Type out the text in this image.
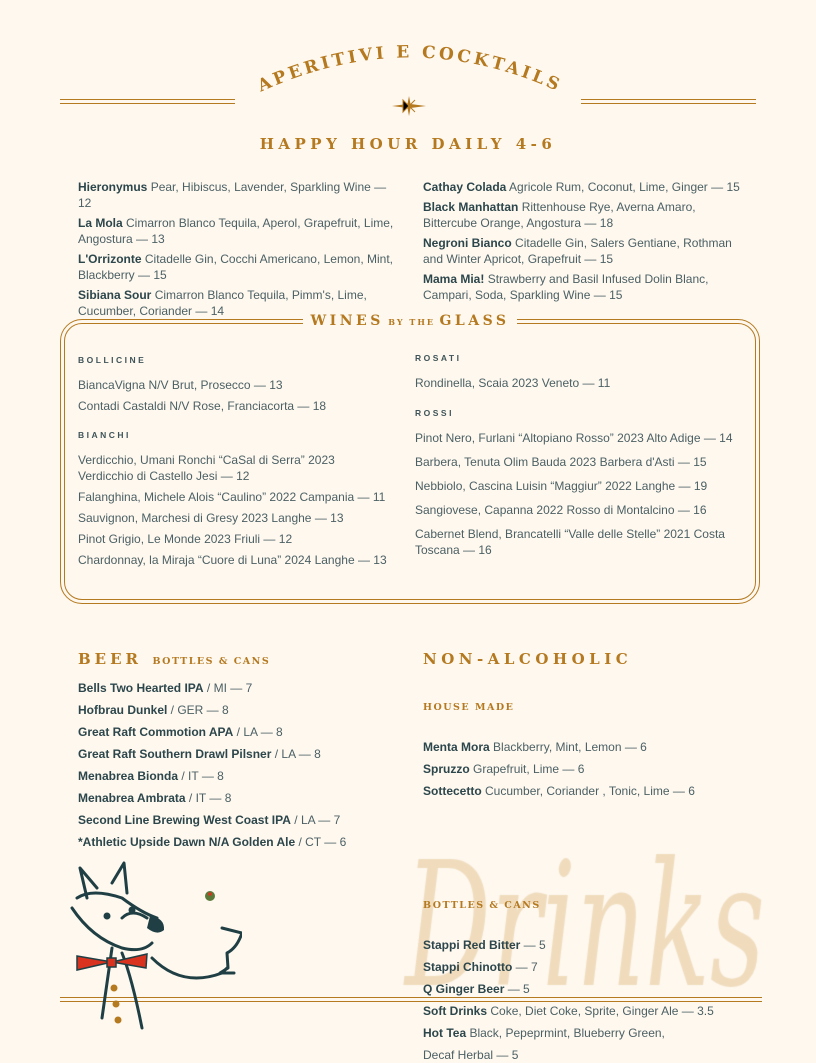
APERITIVI E COCKTAILS
HAPPY HOUR DAILY 4-6
Hieronymus Pear, Hibiscus, Lavender, Sparkling Wine — 12
La Mola Cimarron Blanco Tequila, Aperol, Grapefruit, Lime, Angostura — 13
L'Orrizonte Citadelle Gin, Cocchi Americano, Lemon, Mint, Blackberry — 15
Sibiana Sour Cimarron Blanco Tequila, Pimm's, Lime, Cucumber, Coriander — 14
Cathay Colada Agricole Rum, Coconut, Lime, Ginger — 15
Black Manhattan Rittenhouse Rye, Averna Amaro, Bittercube Orange, Angostura — 18
Negroni Bianco Citadelle Gin, Salers Gentiane, Rothman and Winter Apricot, Grapefruit — 15
Mama Mia! Strawberry and Basil Infused Dolin Blanc, Campari, Soda, Sparkling Wine — 15
WINES BY THE GLASS
BOLLICINE
BiancaVigna N/V Brut, Prosecco — 13
Contadi Castaldi N/V Rose, Franciacorta — 18
BIANCHI
Verdicchio, Umani Ronchi “CaSal di Serra” 2023 Verdicchio di Castello Jesi — 12
Falanghina, Michele Alois “Caulino” 2022 Campania — 11
Sauvignon, Marchesi di Gresy 2023 Langhe — 13
Pinot Grigio, Le Monde 2023 Friuli — 12
Chardonnay, la Miraja “Cuore di Luna” 2024 Langhe — 13
ROSATI
Rondinella, Scaia 2023 Veneto — 11
ROSSI
Pinot Nero, Furlani “Altopiano Rosso” 2023 Alto Adige — 14
Barbera, Tenuta Olim Bauda 2023 Barbera d'Asti — 15
Nebbiolo, Cascina Luisin “Maggiur” 2022 Langhe — 19
Sangiovese, Capanna 2022 Rosso di Montalcino — 16
Cabernet Blend, Brancatelli “Valle delle Stelle” 2021 Costa Toscana — 16
BEER BOTTLES & CANS
Bells Two Hearted IPA / MI — 7
Hofbrau Dunkel / GER — 8
Great Raft Commotion APA / LA — 8
Great Raft Southern Drawl Pilsner / LA — 8
Menabrea Bionda / IT — 8
Menabrea Ambrata / IT — 8
Second Line Brewing West Coast IPA / LA — 7
*Athletic Upside Dawn N/A Golden Ale / CT — 6
NON-ALCOHOLIC
HOUSE MADE
Menta Mora Blackberry, Mint, Lemon — 6
Spruzzo Grapefruit, Lime — 6
Sottecetto Cucumber, Coriander , Tonic, Lime — 6
BOTTLES & CANS
Stappi Red Bitter — 5
Stappi Chinotto — 7
Q Ginger Beer — 5
Soft Drinks Coke, Diet Coke, Sprite, Ginger Ale — 3.5
Hot Tea Black, Pepeprmint, Blueberry Green,
Decaf Herbal — 5
